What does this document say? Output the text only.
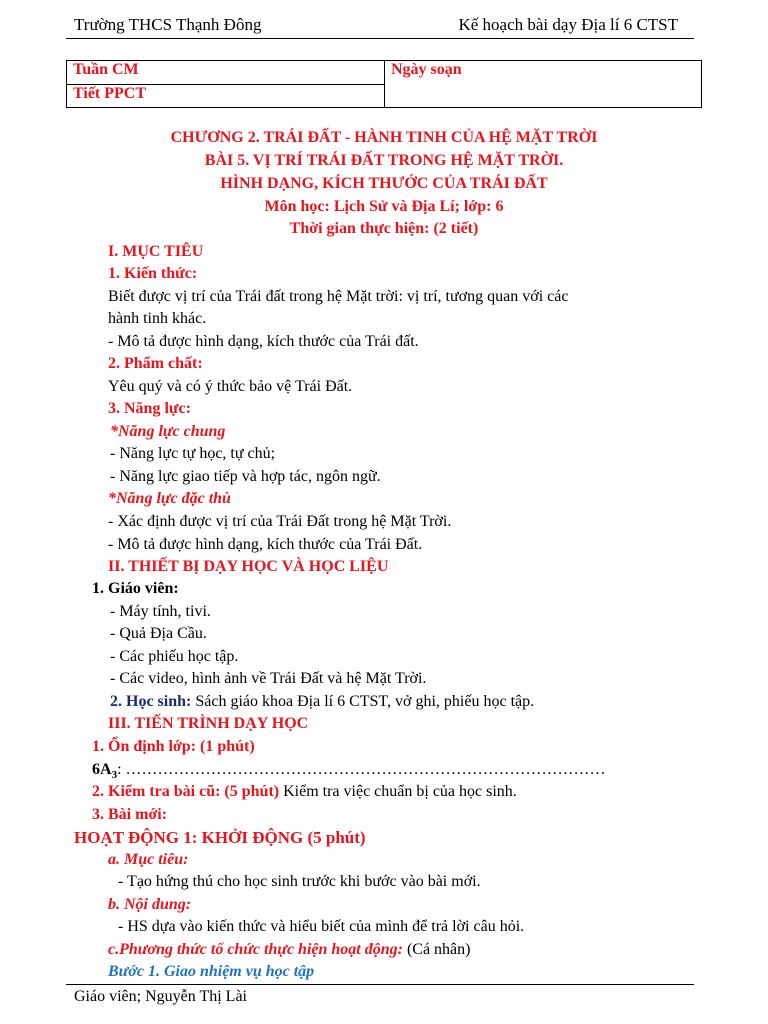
Trường THCS Thạnh Đông	Kế hoạch bài dạy Địa lí 6 CTST
Tuần CM	Ngày soạn
Tiết PPCT
CHƯƠNG 2. TRÁI ĐẤT - HÀNH TINH CỦA HỆ MẶT TRỜI
BÀI 5. VỊ TRÍ TRÁI ĐẤT TRONG HỆ MẶT TRỜI.
HÌNH DẠNG, KÍCH THƯỚC CỦA TRÁI ĐẤT
Môn học: Lịch Sử và Địa Lí; lớp: 6
Thời gian thực hiện: (2 tiết)
I. MỤC TIÊU
1. Kiến thức:
Biết được vị trí của Trái đất trong hệ Mặt trời: vị trí, tương quan với các
hành tinh khác.
- Mô tả được hình dạng, kích thước của Trái đất.
2. Phẩm chất:
Yêu quý và có ý thức bảo vệ Trái Đất.
3. Năng lực:
*Năng lực chung
- Năng lực tự học, tự chủ;
- Năng lực giao tiếp và hợp tác, ngôn ngữ.
*Năng lực đặc thù
- Xác định được vị trí của Trái Đất trong hệ Mặt Trời.
- Mô tả được hình dạng, kích thước của Trái Đất.
II. THIẾT BỊ DẠY HỌC VÀ HỌC LIỆU
1. Giáo viên:
- Máy tính, tivi.
- Quả Địa Cầu.
- Các phiếu học tập.
- Các video, hình ảnh về Trái Đất và hệ Mặt Trời.
2. Học sinh: Sách giáo khoa Địa lí 6 CTST, vở ghi, phiếu học tập.
III. TIẾN TRÌNH DẠY HỌC
1. Ổn định lớp: (1 phút)
$6A_3$: ………………………………………………………………………………
2. Kiểm tra bài cũ: (5 phút) Kiểm tra việc chuẩn bị của học sinh.
3. Bài mới:
HOẠT ĐỘNG 1: KHỞI ĐỘNG (5 phút)
a. Mục tiêu:
- Tạo hứng thú cho học sinh trước khi bước vào bài mới.
b. Nội dung:
- HS dựa vào kiến thức và hiểu biết của mình để trả lời câu hỏi.
c.Phương thức tổ chức thực hiện hoạt động: (Cá nhân)
Bước 1. Giao nhiệm vụ học tập
Giáo viên; Nguyễn Thị Lài
